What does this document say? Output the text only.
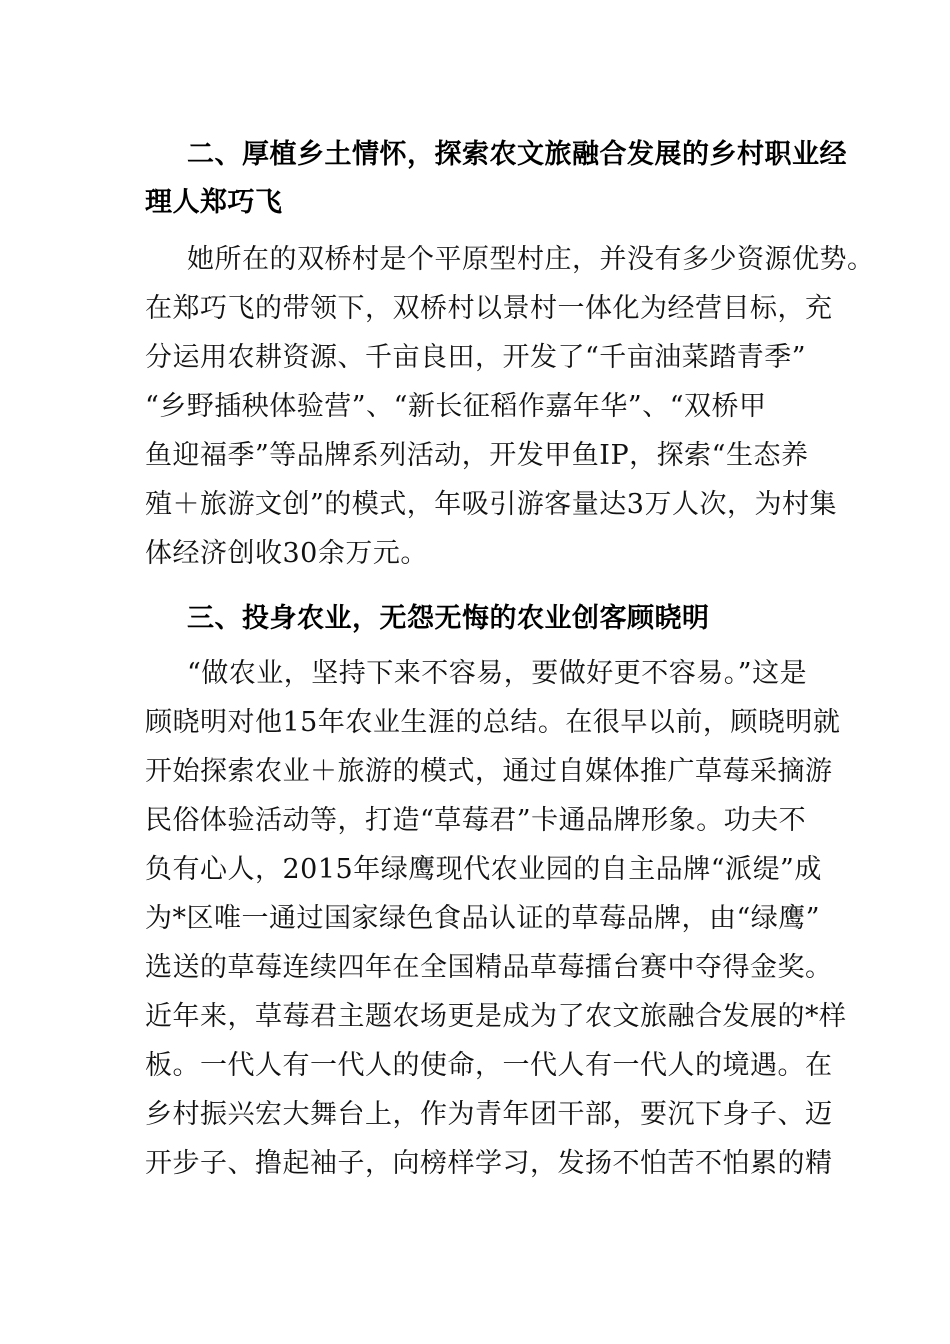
二、厚植乡土情怀，探索农文旅融合发展的乡村职业经
理人郑巧飞
她所在的双桥村是个平原型村庄，并没有多少资源优势。
在郑巧飞的带领下，双桥村以景村一体化为经营目标，充
分运用农耕资源、千亩良田，开发了“千亩油菜踏青季”
“乡野插秧体验营”、“新长征稻作嘉年华”、“双桥甲
鱼迎福季”等品牌系列活动，开发甲鱼IP，探索“生态养
殖＋旅游文创”的模式，年吸引游客量达3万人次，为村集
体经济创收30余万元。
三、投身农业，无怨无悔的农业创客顾晓明
“做农业，坚持下来不容易，要做好更不容易。”这是
顾晓明对他15年农业生涯的总结。在很早以前，顾晓明就
开始探索农业＋旅游的模式，通过自媒体推广草莓采摘游
民俗体验活动等，打造“草莓君”卡通品牌形象。功夫不
负有心人，2015年绿鹰现代农业园的自主品牌“派缇”成
为*区唯一通过国家绿色食品认证的草莓品牌，由“绿鹰”
选送的草莓连续四年在全国精品草莓擂台赛中夺得金奖。
近年来，草莓君主题农场更是成为了农文旅融合发展的*样
板。一代人有一代人的使命，一代人有一代人的境遇。在
乡村振兴宏大舞台上，作为青年团干部，要沉下身子、迈
开步子、撸起袖子，向榜样学习，发扬不怕苦不怕累的精
